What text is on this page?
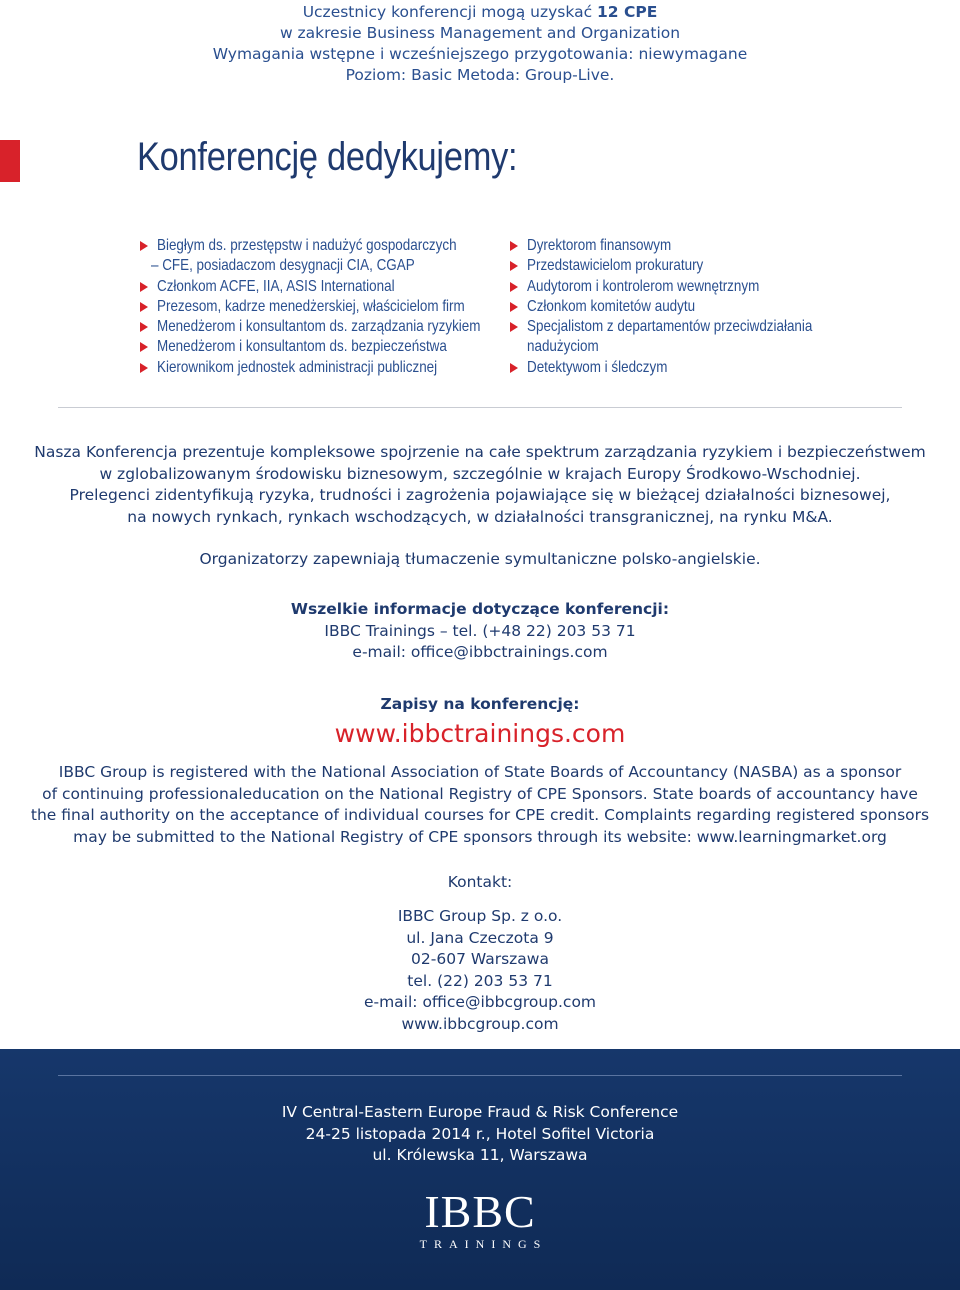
Uczestnicy konferencji mogą uzyskać 12 CPE
w zakresie Business Management and Organization
Wymagania wstępne i wcześniejszego przygotowania: niewymagane
Poziom: Basic Metoda: Group-Live.
Konferencję dedykujemy:
Biegłym ds. przestępstw i nadużyć gospodarczych
– CFE, posiadaczom desygnacji CIA, CGAP
Członkom ACFE, IIA, ASIS International
Prezesom, kadrze menedżerskiej, właścicielom firm
Menedżerom i konsultantom ds. zarządzania ryzykiem
Menedżerom i konsultantom ds. bezpieczeństwa
Kierownikom jednostek administracji publicznej
Dyrektorom finansowym
Przedstawicielom prokuratury
Audytorom i kontrolerom wewnętrznym
Członkom komitetów audytu
Specjalistom z departamentów przeciwdziałania
nadużyciom
Detektywom i śledczym
Nasza Konferencja prezentuje kompleksowe spojrzenie na całe spektrum zarządzania ryzykiem i bezpieczeństwem
w zglobalizowanym środowisku biznesowym, szczególnie w krajach Europy Środkowo-Wschodniej.
Prelegenci zidentyfikują ryzyka, trudności i zagrożenia pojawiające się w bieżącej działalności biznesowej,
na nowych rynkach, rynkach wschodzących, w działalności transgranicznej, na rynku M&A.
Organizatorzy zapewniają tłumaczenie symultaniczne polsko-angielskie.
Wszelkie informacje dotyczące konferencji:
IBBC Trainings – tel. (+48 22) 203 53 71
e-mail: office@ibbctrainings.com
Zapisy na konferencję:
www.ibbctrainings.com
IBBC Group is registered with the National Association of State Boards of Accountancy (NASBA) as a sponsor
of continuing professionaleducation on the National Registry of CPE Sponsors. State boards of accountancy have
the final authority on the acceptance of individual courses for CPE credit. Complaints regarding registered sponsors
may be submitted to the National Registry of CPE sponsors through its website: www.learningmarket.org
Kontakt:
IBBC Group Sp. z o.o.
ul. Jana Czeczota 9
02-607 Warszawa
tel. (22) 203 53 71
e-mail: office@ibbcgroup.com
www.ibbcgroup.com
IV Central-Eastern Europe Fraud & Risk Conference
24-25 listopada 2014 r., Hotel Sofitel Victoria
ul. Królewska 11, Warszawa
IBBC
TRAININGS
